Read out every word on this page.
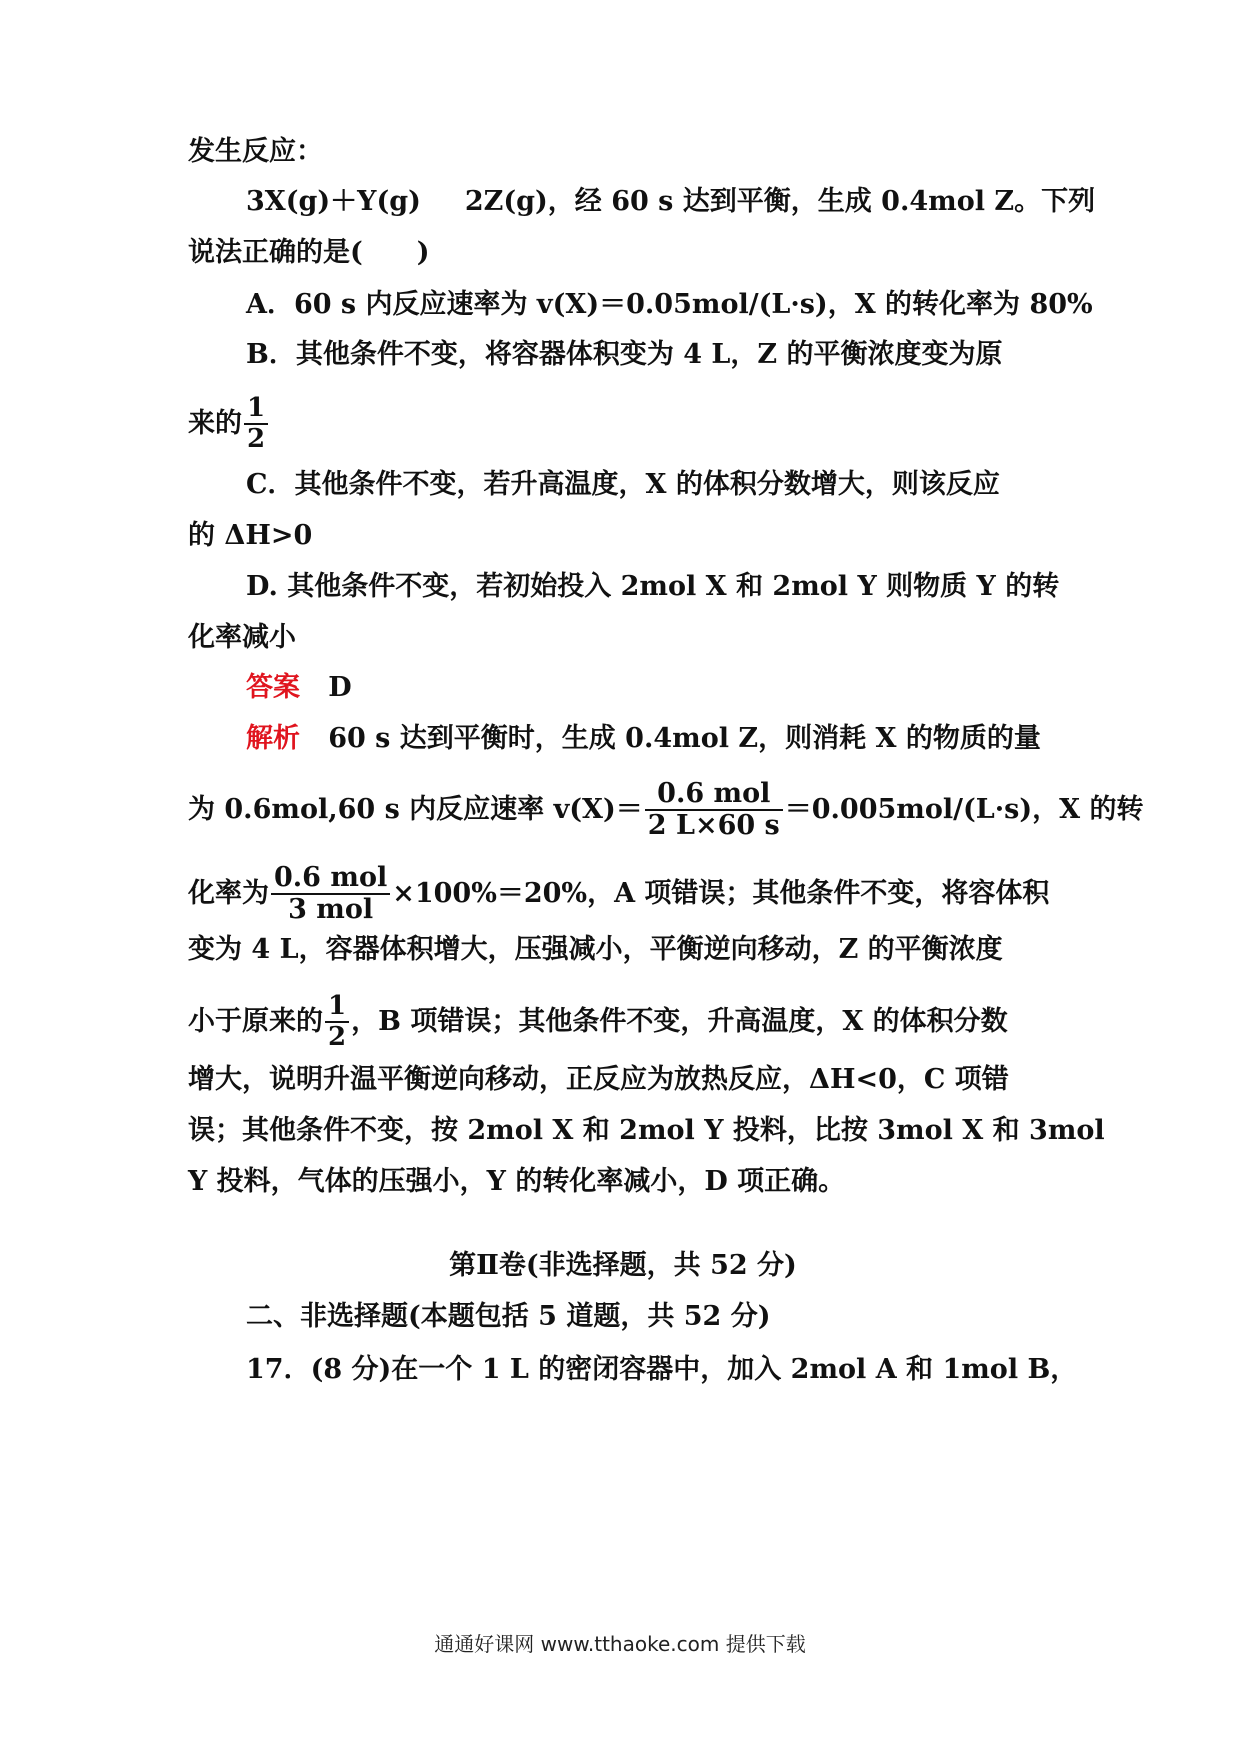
发生反应：
3X(g)＋Y(g) 2Z(g)，经 60 s 达到平衡，生成 0.4mol Z。下列
说法正确的是(　　)
A．60 s 内反应速率为 v(X)＝0.05mol/(L·s)，X 的转化率为 80%
B．其他条件不变，将容器体积变为 4 L，Z 的平衡浓度变为原
来的 $\frac{1}{2}$
C．其他条件不变，若升高温度，X 的体积分数增大，则该反应
的 ΔH>0
D. 其他条件不变，若初始投入 2mol X 和 2mol Y 则物质 Y 的转
化率减小
答案 D
解析 60 s 达到平衡时，生成 0.4mol Z，则消耗 X 的物质的量
为 0.6mol,60 s 内反应速率 $v(X)= \frac{\text{0.6 mol}}{2 L\times 60 s} =0.005mol/(L\cdot s)$，X 的转
化率为 $\frac{\text{0.6 mol}}{\text{3 mol}} \times 100\%=20\%$，A 项错误；其他条件不变，将容体积
变为 4 L，容器体积增大，压强减小，平衡逆向移动，Z 的平衡浓度
小于原来的 $\frac{1}{2}$ ，B 项错误；其他条件不变，升高温度，X 的体积分数
增大，说明升温平衡逆向移动，正反应为放热反应，ΔH<0，C 项错
误；其他条件不变，按 2mol X 和 2mol Y 投料，比按 3mol X 和 3mol
Y 投料，气体的压强小，Y 的转化率减小，D 项正确。
第Ⅱ卷(非选择题，共 52 分)
二、非选择题(本题包括 5 道题，共 52 分)
17．(8 分)在一个 1 L 的密闭容器中，加入 2mol A 和 1mol B，
通通好课网 www.tthaoke.com 提供下载
